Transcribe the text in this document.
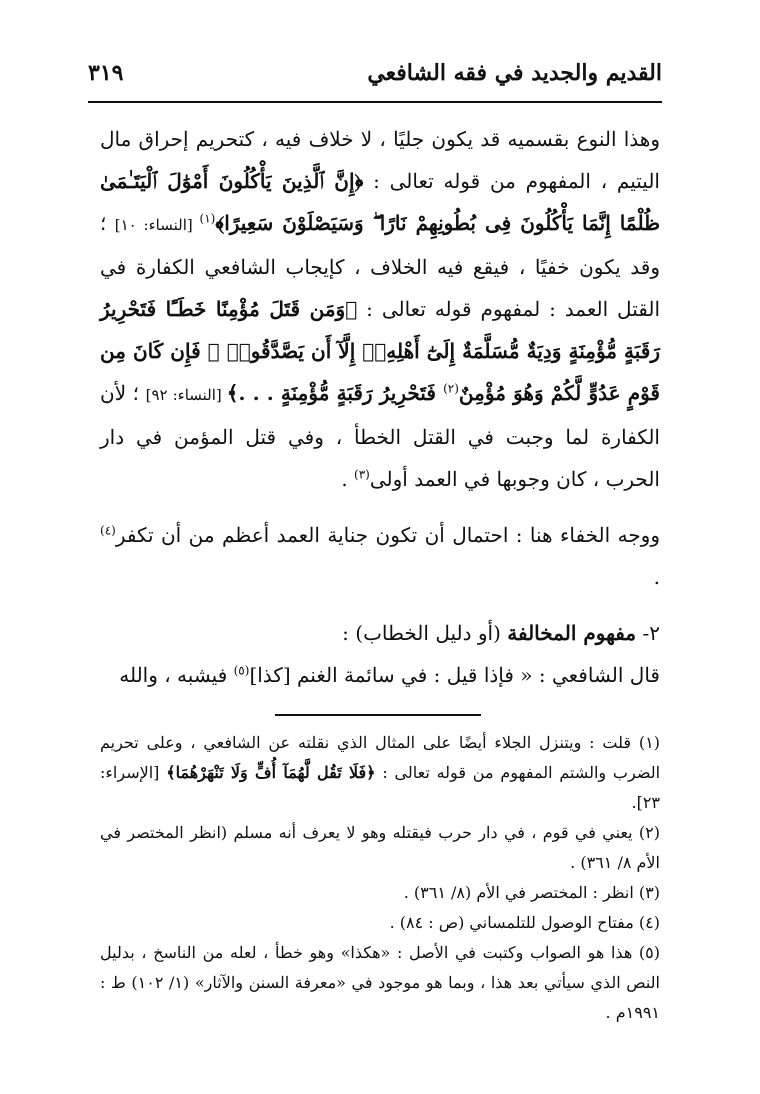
القديم والجديد في فقه الشافعي
٣١٩

وهذا النوع بقسميه قد يكون جليًا ، لا خلاف فيه ، كتحريم إحراق مال اليتيم ، المفهوم من قوله تعالى : ﴿إِنَّ ٱلَّذِينَ يَأْكُلُونَ أَمْوَٰلَ ٱلْيَتَـٰمَىٰ ظُلْمًا إِنَّمَا يَأْكُلُونَ فِى بُطُونِهِمْ نَارًا ۖ وَسَيَصْلَوْنَ سَعِيرًا﴾$^{(١)}$ [النساء: ١٠] ؛ وقد يكون خفيًا ، فيقع فيه الخلاف ، كإيجاب الشافعي الكفارة في القتل العمد : لمفهوم قوله تعالى : ﴿وَمَن قَتَلَ مُؤْمِنًا خَطَـًٔا فَتَحْرِيرُ رَقَبَةٍ مُّؤْمِنَةٍ وَدِيَةٌ مُّسَلَّمَةٌ إِلَىٰٓ أَهْلِهِۦٓ إِلَّآ أَن يَصَّدَّقُوا۟ ۚ فَإِن كَانَ مِن قَوْمٍ عَدُوٍّ لَّكُمْ وَهُوَ مُؤْمِنٌ$^{(٢)}$ فَتَحْرِيرُ رَقَبَةٍ مُّؤْمِنَةٍ . . .﴾ [النساء: ٩٢] ؛ لأن الكفارة لما وجبت في القتل الخطأ ، وفي قتل المؤمن في دار الحرب ، كان وجوبها في العمد أولى$^{(٣)}$ .

ووجه الخفاء هنا : احتمال أن تكون جناية العمد أعظم من أن تكفر$^{(٤)}$ .

٢- مفهوم المخالفة (أو دليل الخطاب) :

قال الشافعي : « فإذا قيل : في سائمة الغنم [كذا]$^{(٥)}$ فيشبه ، والله

(١) قلت : ويتنزل الجلاء أيضًا على المثال الذي نقلته عن الشافعي ، وعلى تحريم الضرب والشتم المفهوم من قوله تعالى : ﴿فَلَا تَقُل لَّهُمَآ أُفٍّ وَلَا تَنْهَرْهُمَا﴾ [الإسراء: ٢٣].

(٢) يعني في قوم ، في دار حرب فيقتله وهو لا يعرف أنه مسلم (انظر المختصر في الأم ٨/ ٣٦١) .

(٣) انظر : المختصر في الأم (٨/ ٣٦١) .

(٤) مفتاح الوصول للتلمساني (ص : ٨٤) .

(٥) هذا هو الصواب وكتبت في الأصل : «هكذا» وهو خطأ ، لعله من الناسخ ، بدليل النص الذي سيأتي بعد هذا ، وبما هو موجود في «معرفة السنن والآثار» (١/ ١٠٢) ط : ١٩٩١م .
